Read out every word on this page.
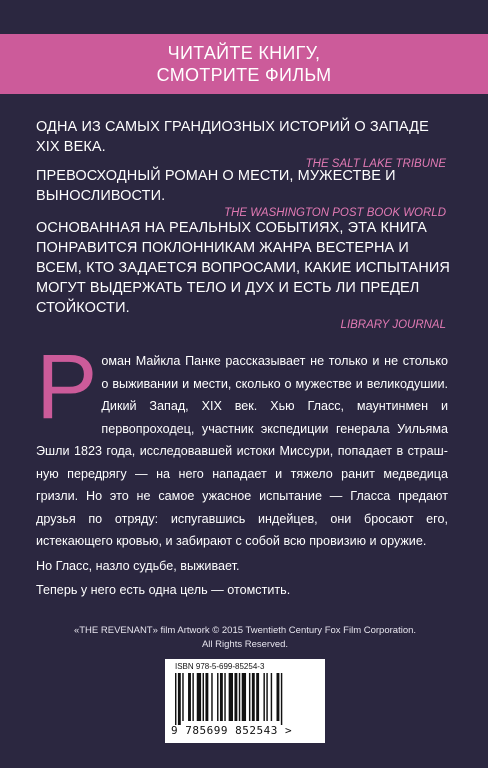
ЧИТАЙТЕ КНИГУ,
СМОТРИТЕ ФИЛЬМ

ОДНА ИЗ САМЫХ ГРАНДИОЗНЫХ ИСТОРИЙ О ЗАПАДЕ XIX ВЕКА.

THE SALT LAKE TRIBUNE

ПРЕВОСХОДНЫЙ РОМАН О МЕСТИ, МУЖЕСТВЕ И ВЫНОСЛИВОСТИ.

THE WASHINGTON POST BOOK WORLD

ОСНОВАННАЯ НА РЕАЛЬНЫХ СОБЫТИЯХ, ЭТА КНИГА ПОНРАВИТСЯ ПОКЛОННИКАМ ЖАНРА ВЕСТЕРНА И ВСЕМ, КТО ЗАДАЕТСЯ ВОПРОСАМИ, КАКИЕ ИСПЫТАНИЯ МОГУТ ВЫДЕРЖАТЬ ТЕЛО И ДУХ И ЕСТЬ ЛИ ПРЕДЕЛ СТОЙКОСТИ.

LIBRARY JOURNAL

Роман Майкла Панке рассказывает не только и не столько о выживании и мести, сколько о мужестве и великодушии. Дикий Запад, XIX век. Хью Гласс, маунтинмен и первопроходец, участник экспедиции генерала Уильяма Эшли 1823 года, исследовавшей истоки Миссури, попадает в страшную передрягу — на него нападает и тяжело ранит медведица гризли. Но это не самое ужасное испытание — Гласса предают друзья по отряду: испугавшись индейцев, они бросают его, истекающего кровью, и забирают с собой всю провизию и оружие.

Но Гласс, назло судьбе, выживает.

Теперь у него есть одна цель — отомстить.

«THE REVENANT» film Artwork © 2015 Twentieth Century Fox Film Corporation.
All Rights Reserved.
ISBN 978-5-699-85254-3
9 785699 852543 >
